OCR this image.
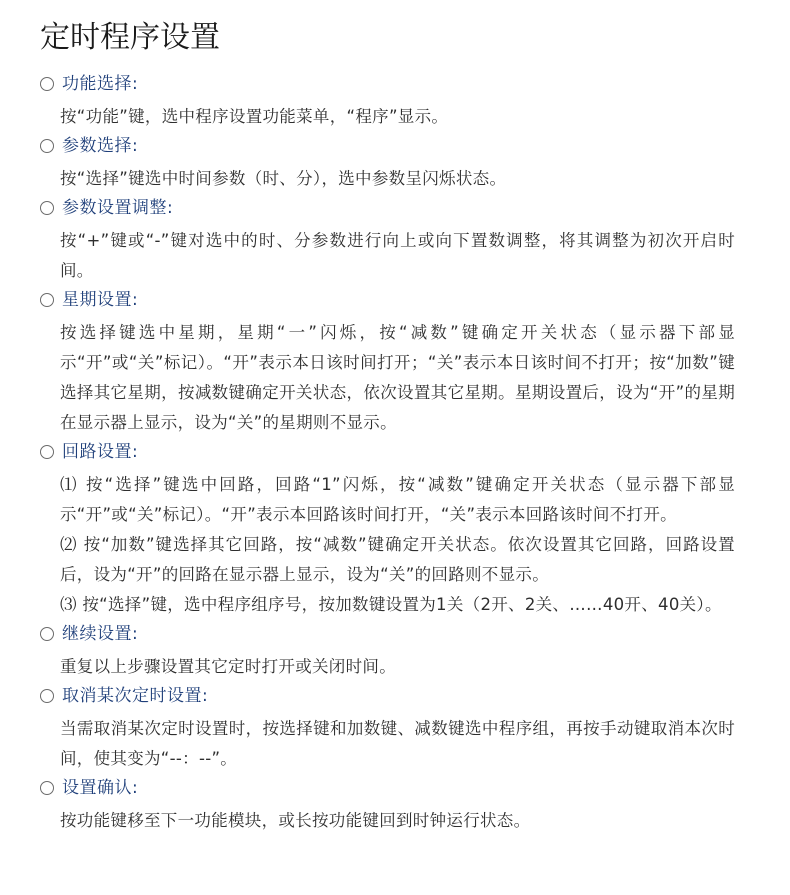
定时程序设置
功能选择:

按“功能”键，选中程序设置功能菜单，“程序”显示。

参数选择:

按“选择”键选中时间参数（时、分），选中参数呈闪烁状态。

参数设置调整:

按“+”键或“-”键对选中的时、分参数进行向上或向下置数调整，将其调整为初次开启时间。

星期设置:

按选择键选中星期，星期“一”闪烁，按“减数”键确定开关状态（显示器下部显示“开”或“关”标记）。“开”表示本日该时间打开；“关”表示本日该时间不打开；按“加数”键选择其它星期，按减数键确定开关状态，依次设置其它星期。星期设置后，设为“开”的星期在显示器上显示，设为“关”的星期则不显示。

回路设置:

⑴ 按“选择”键选中回路，回路“1”闪烁，按“减数”键确定开关状态（显示器下部显示“开”或“关”标记）。“开”表示本回路该时间打开，“关”表示本回路该时间不打开。

⑵ 按“加数”键选择其它回路，按“减数”键确定开关状态。依次设置其它回路，回路设置后，设为“开”的回路在显示器上显示，设为“关”的回路则不显示。

⑶ 按“选择”键，选中程序组序号，按加数键设置为1关（2开、2关、……40开、40关）。

继续设置:

重复以上步骤设置其它定时打开或关闭时间。

取消某次定时设置:

当需取消某次定时设置时，按选择键和加数键、减数键选中程序组，再按手动键取消本次时间，使其变为“--：--”。

设置确认:

按功能键移至下一功能模块，或长按功能键回到时钟运行状态。
